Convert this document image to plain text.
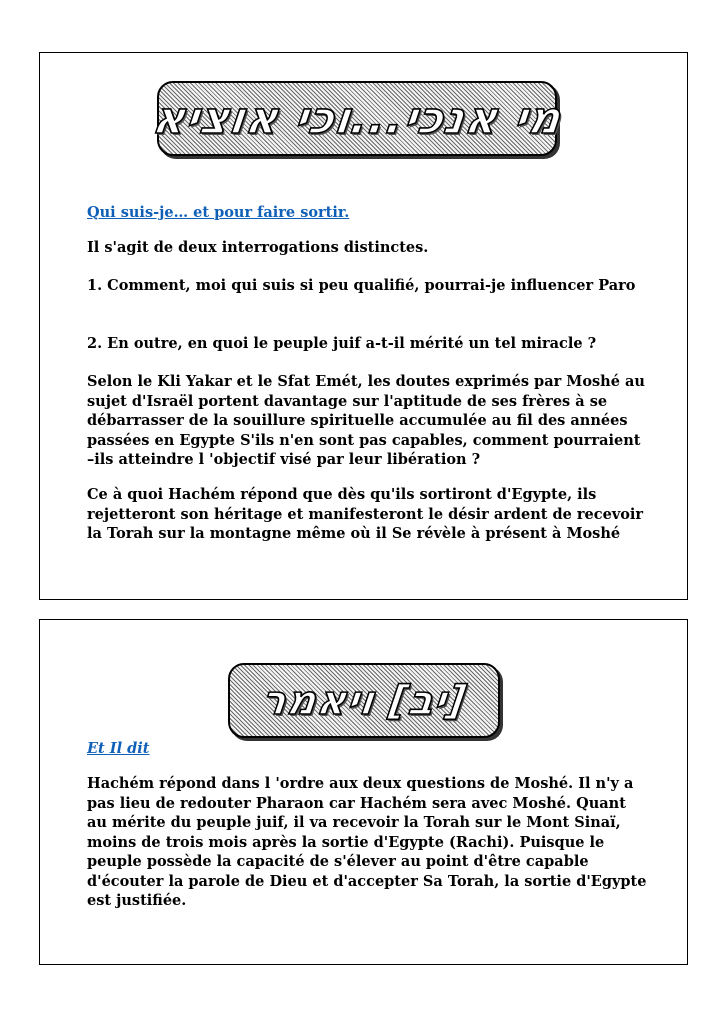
מי אנכי...וכי אוציא
Qui suis-je… et pour faire sortir.

Il s'agit de deux interrogations distinctes.

1. Comment, moi qui suis si peu qualifié, pourrai-je influencer Paro

2. En outre, en quoi le peuple juif a-t-il mérité un tel miracle ?

Selon le Kli Yakar et le Sfat Emét, les doutes exprimés par Moshé au sujet d'Israël portent davantage sur l'aptitude de ses frères à se débarrasser de la souillure spirituelle accumulée au fil des années passées en Egypte S'ils n'en sont pas capables, comment pourraient –ils atteindre l 'objectif visé par leur libération ?

Ce à quoi Hachém répond que dès qu'ils sortiront d'Egypte, ils rejetteront son héritage et manifesteront le désir ardent de recevoir la Torah sur la montagne même où il Se révèle à présent à Moshé

[יב] ויאמר
Et Il dit

Hachém répond dans l 'ordre aux deux questions de Moshé. Il n'y a pas lieu de redouter Pharaon car Hachém sera avec Moshé. Quant au mérite du peuple juif, il va recevoir la Torah sur le Mont Sinaï, moins de trois mois après la sortie d'Egypte (Rachi). Puisque le peuple possède la capacité de s'élever au point d'être capable d'écouter la parole de Dieu et d'accepter Sa Torah, la sortie d'Egypte est justifiée.
